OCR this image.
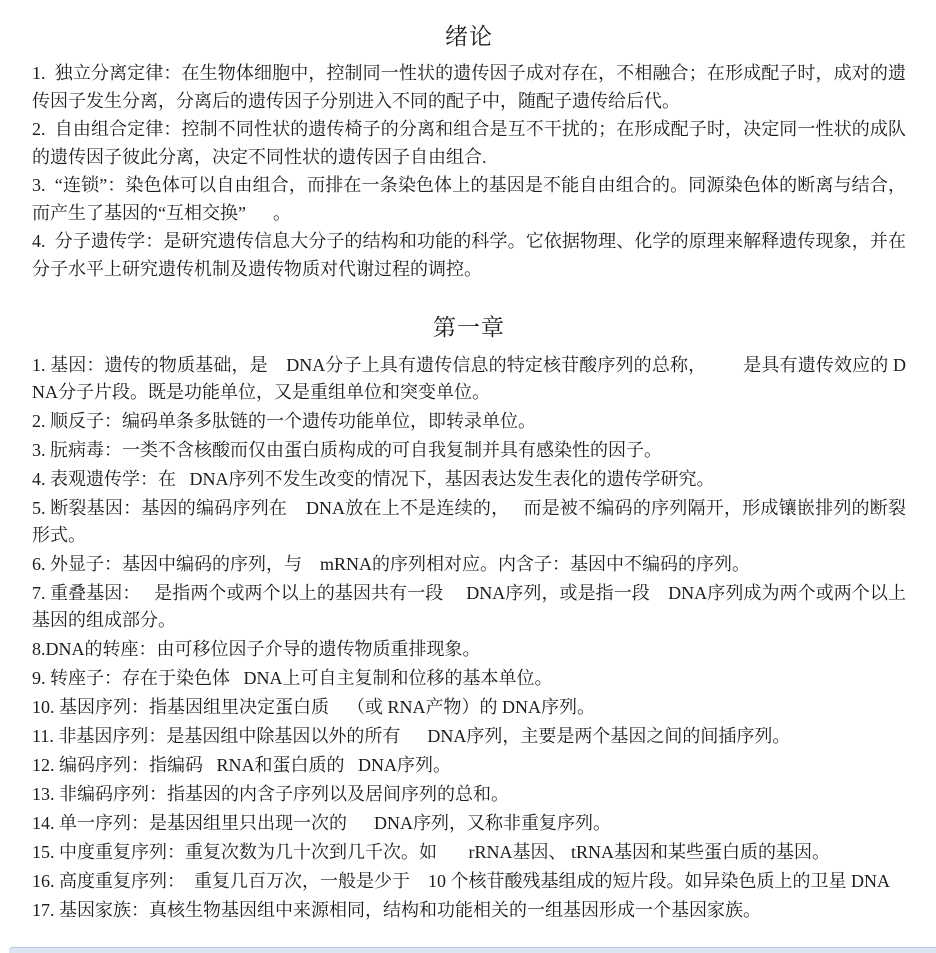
绪论

1.  独立分离定律：在生物体细胞中，控制同一性状的遗传因子成对存在，不相融合；在形成配子时，成对的遗传因子发生分离，分离后的遗传因子分别进入不同的配子中，随配子遗传给后代。

2.  自由组合定律：控制不同性状的遗传椅子的分离和组合是互不干扰的；在形成配子时，决定同一性状的成队的遗传因子彼此分离，决定不同性状的遗传因子自由组合.

3.  “连锁”：染色体可以自由组合，而排在一条染色体上的基因是不能自由组合的。同源染色体的断离与结合，而产生了基因的“互相交换”      。

4.  分子遗传学：是研究遗传信息大分子的结构和功能的科学。它依据物理、化学的原理来解释遗传现象，并在分子水平上研究遗传机制及遗传物质对代谢过程的调控。

第一章

1. 基因：遗传的物质基础，是    DNA分子上具有遗传信息的特定核苷酸序列的总称，        是具有遗传效应的 DNA分子片段。既是功能单位，又是重组单位和突变单位。

2. 顺反子：编码单条多肽链的一个遗传功能单位，即转录单位。

3. 朊病毒：一类不含核酸而仅由蛋白质构成的可自我复制并具有感染性的因子。

4. 表观遗传学：在   DNA序列不发生改变的情况下，基因表达发生表化的遗传学研究。

5. 断裂基因：基因的编码序列在    DNA放在上不是连续的，   而是被不编码的序列隔开，形成镶嵌排列的断裂形式。

6. 外显子：基因中编码的序列，与    mRNA的序列相对应。内含子：基因中不编码的序列。

7. 重叠基因：   是指两个或两个以上的基因共有一段     DNA序列，或是指一段    DNA序列成为两个或两个以上基因的组成部分。

8.DNA的转座：由可移位因子介导的遗传物质重排现象。

9. 转座子：存在于染色体   DNA上可自主复制和位移的基本单位。

10. 基因序列：指基因组里决定蛋白质    （或 RNA产物）的 DNA序列。

11. 非基因序列：是基因组中除基因以外的所有      DNA序列，主要是两个基因之间的间插序列。

12. 编码序列：指编码   RNA和蛋白质的   DNA序列。

13. 非编码序列：指基因的内含子序列以及居间序列的总和。

14. 单一序列：是基因组里只出现一次的      DNA序列，又称非重复序列。

15. 中度重复序列：重复次数为几十次到几千次。如       rRNA基因、 tRNA基因和某些蛋白质的基因。

16. 高度重复序列：  重复几百万次，一般是少于    10 个核苷酸残基组成的短片段。如异染色质上的卫星 DNA

17. 基因家族：真核生物基因组中来源相同，结构和功能相关的一组基因形成一个基因家族。
